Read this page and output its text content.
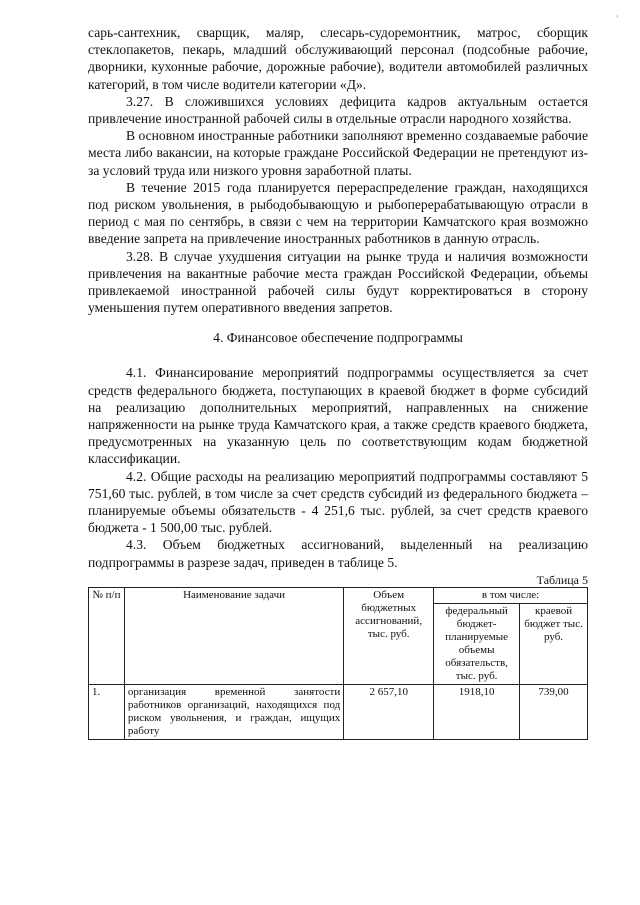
'

сарь-сантехник, сварщик, маляр, слесарь-судоремонтник, матрос, сборщик стеклопакетов, пекарь, младший обслуживающий персонал (подсобные рабочие, дворники, кухонные рабочие, дорожные рабочие), водители автомобилей различных категорий, в том числе водители категории «Д».

3.27. В сложившихся условиях дефицита кадров актуальным остается привлечение иностранной рабочей силы в отдельные отрасли народного хозяйства.

В основном иностранные работники заполняют временно создаваемые рабочие места либо вакансии, на которые граждане Российской Федерации не претендуют из-за условий труда или низкого уровня заработной платы.

В течение 2015 года планируется перераспределение граждан, находящихся под риском увольнения, в рыбодобывающую и рыбоперерабатывающую отрасли в период с мая по сентябрь, в связи с чем на территории Камчатского края возможно введение запрета на привлечение иностранных работников в данную отрасль.

3.28. В случае ухудшения ситуации на рынке труда и наличия возможности привлечения на вакантные рабочие места граждан Российской Федерации, объемы привлекаемой иностранной рабочей силы будут корректироваться в сторону уменьшения путем оперативного введения запретов.

4. Финансовое обеспечение подпрограммы

4.1. Финансирование мероприятий подпрограммы осуществляется за счет средств федерального бюджета, поступающих в краевой бюджет в форме субсидий на реализацию дополнительных мероприятий, направленных на снижение напряженности на рынке труда Камчатского края, а также средств краевого бюджета, предусмотренных на указанную цель по соответствующим кодам бюджетной классификации.

4.2. Общие расходы на реализацию мероприятий подпрограммы составляют 5 751,60 тыс. рублей, в том числе за счет средств субсидий из федерального бюджета – планируемые объемы обязательств - 4 251,6 тыс. рублей, за счет средств краевого бюджета - 1 500,00 тыс. рублей.

4.3. Объем бюджетных ассигнований, выделенный на реализацию подпрограммы в разрезе задач, приведен в таблице 5.

Таблица 5
№ п/п	Наименование задачи	Объем бюджетных ассигнований, тыс. руб.	в том числе:	
			федеральный бюджет-планируемые объемы обязательств, тыс. руб.	краевой бюджет тыс. руб.
1.	организация временной занятости работников организаций, находящихся под риском увольнения, и граждан, ищущих работу	2 657,10	1918,10	739,00
